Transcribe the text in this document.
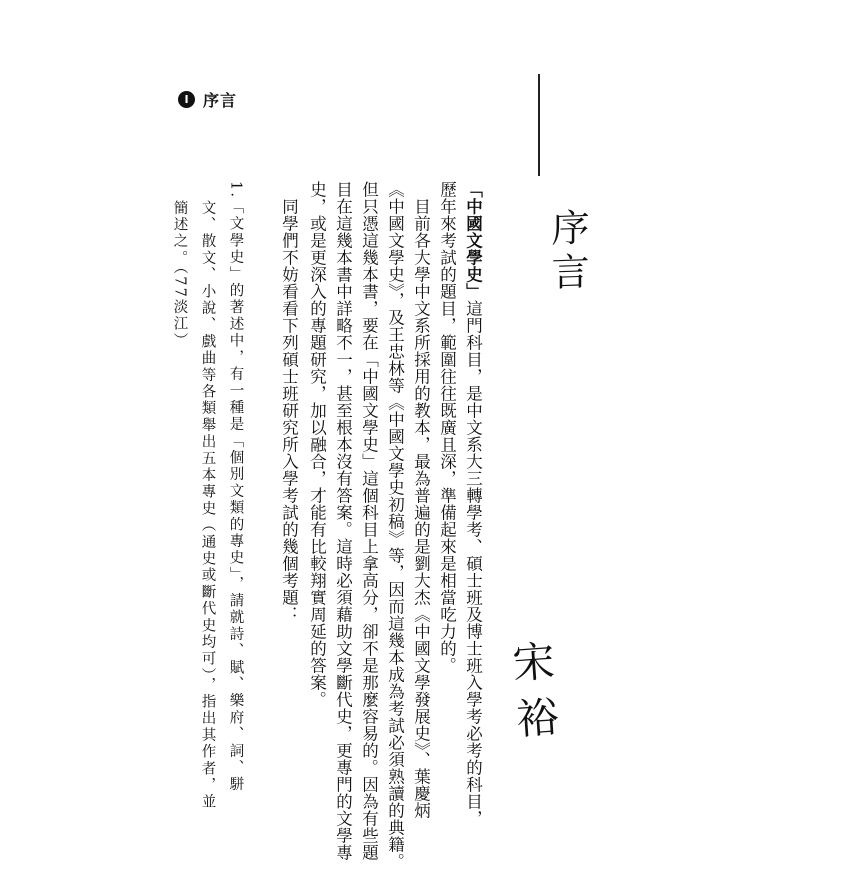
I 序言
序言
「中國文學史」這門科目，是中文系大三轉學考、碩士班及博士班入學考必考的科目，
歷年來考試的題目，範圍往往既廣且深，準備起來是相當吃力的。
目前各大學中文系所採用的教本，最為普遍的是劉大杰《中國文學發展史》、葉慶炳
《中國文學史》，及王忠林等《中國文學史初稿》等，因而這幾本成為考試必須熟讀的典籍。
但只憑這幾本書，要在「中國文學史」這個科目上拿高分，卻不是那麼容易的。因為有些題
目在這幾本書中詳略不一，甚至根本沒有答案。這時必須藉助文學斷代史，更專門的文學專
史，或是更深入的專題研究，加以融合，才能有比較翔實周延的答案。
同學們不妨看看下列碩士班研究所入學考試的幾個考題：
1.「文學史」的著述中，有一種是「個別文類的專史」，請就詩、賦、樂府、詞、駢
文、散文、小說、戲曲等各類舉出五本專史（通史或斷代史均可），指出其作者，並
簡述之。（77淡江）
宋裕
